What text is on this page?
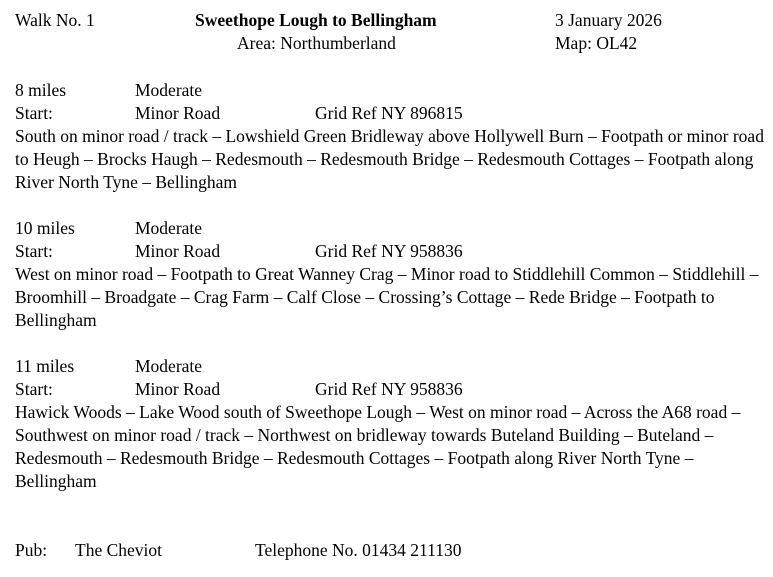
Walk No. 1	Sweethope Lough to Bellingham	3 January 2026
Area: Northumberland	Map: OL42
8 miles	Moderate
Start:	Minor Road	Grid Ref NY 896815
South on minor road / track – Lowshield Green Bridleway above Hollywell Burn – Footpath or minor road to Heugh – Brocks Haugh – Redesmouth – Redesmouth Bridge – Redesmouth Cottages – Footpath along River North Tyne – Bellingham
10 miles	Moderate
Start:	Minor Road	Grid Ref NY 958836
West on minor road – Footpath to Great Wanney Crag – Minor road to Stiddlehill Common – Stiddlehill – Broomhill – Broadgate – Crag Farm – Calf Close – Crossing’s Cottage – Rede Bridge – Footpath to Bellingham
11 miles	Moderate
Start:	Minor Road	Grid Ref NY 958836
Hawick Woods – Lake Wood south of Sweethope Lough – West on minor road – Across the A68 road – Southwest on minor road / track – Northwest on bridleway towards Buteland Building – Buteland – Redesmouth – Redesmouth Bridge – Redesmouth Cottages – Footpath along River North Tyne – Bellingham
Pub: The Cheviot	Telephone No. 01434 211130
